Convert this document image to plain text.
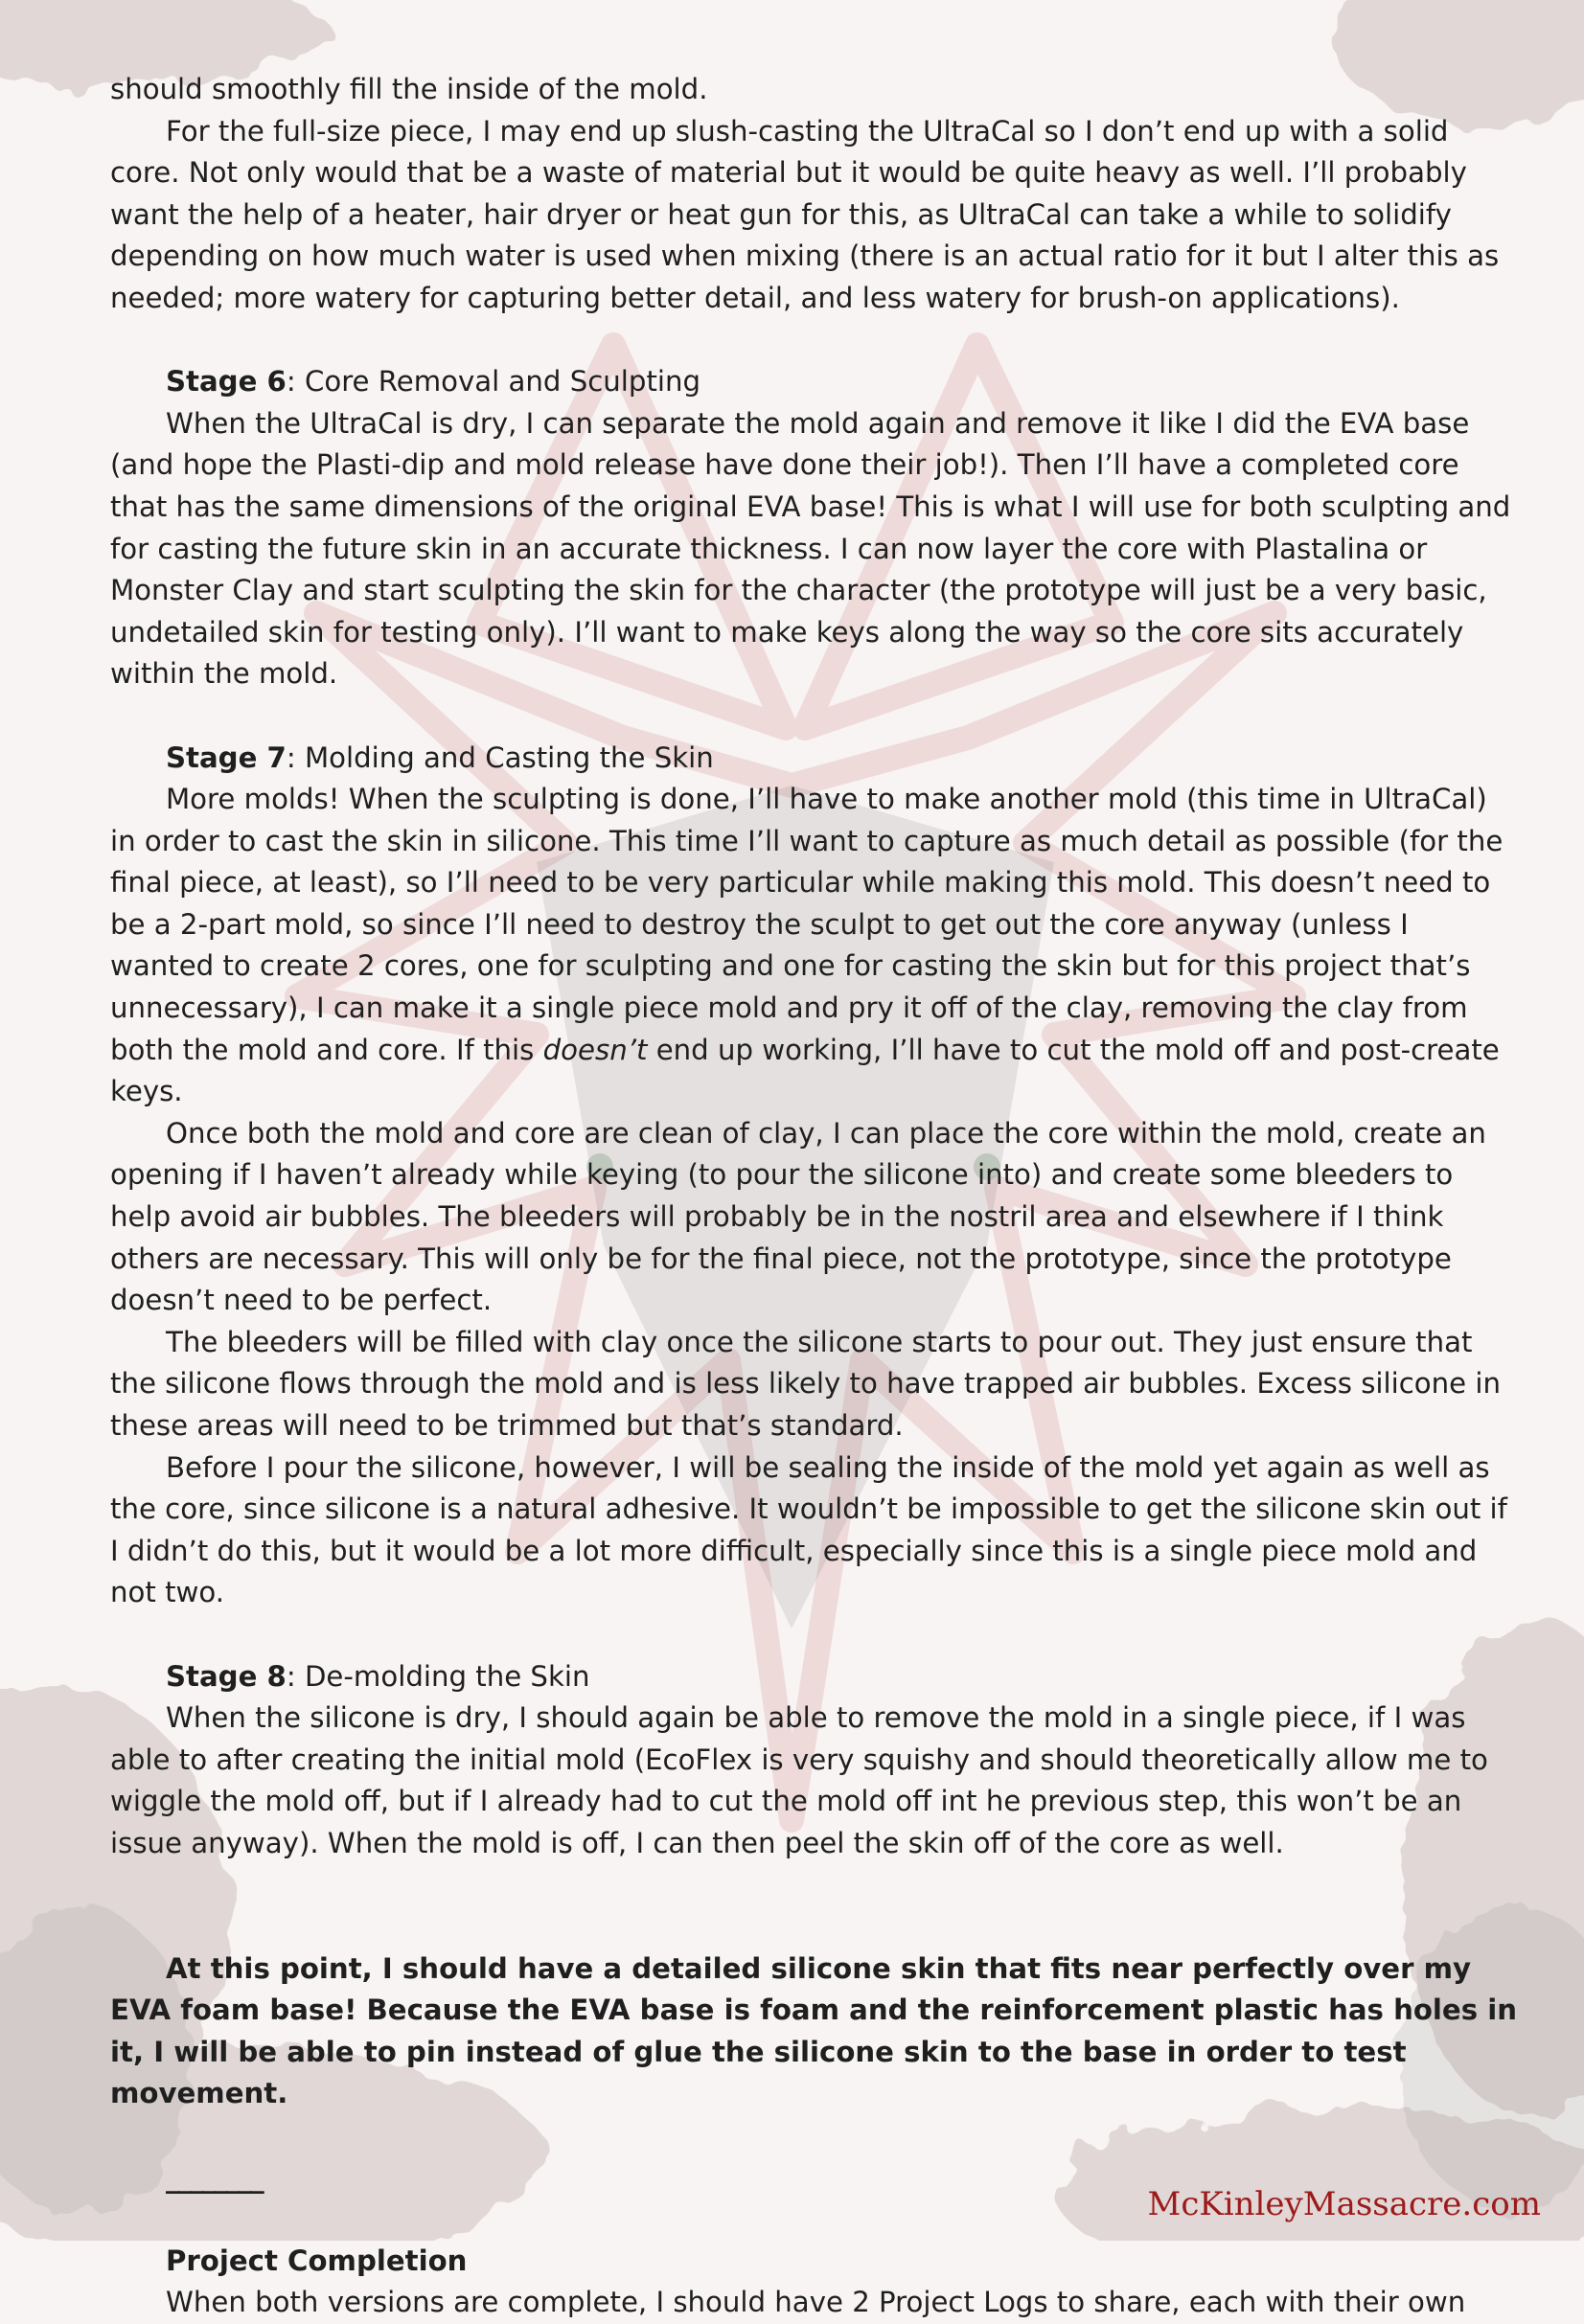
should smoothly fill the inside of the mold.

For the full-size piece, I may end up slush-casting the UltraCal so I don’t end up with a solid core. Not only would that be a waste of material but it would be quite heavy as well. I’ll probably want the help of a heater, hair dryer or heat gun for this, as UltraCal can take a while to solidify depending on how much water is used when mixing (there is an actual ratio for it but I alter this as needed; more watery for capturing better detail, and less watery for brush-on applications).

Stage 6: Core Removal and Sculpting

When the UltraCal is dry, I can separate the mold again and remove it like I did the EVA base (and hope the Plasti-dip and mold release have done their job!). Then I’ll have a completed core that has the same dimensions of the original EVA base! This is what I will use for both sculpting and for casting the future skin in an accurate thickness. I can now layer the core with Plastalina or Monster Clay and start sculpting the skin for the character (the prototype will just be a very basic, undetailed skin for testing only). I’ll want to make keys along the way so the core sits accurately within the mold.

Stage 7: Molding and Casting the Skin

More molds! When the sculpting is done, I’ll have to make another mold (this time in UltraCal) in order to cast the skin in silicone. This time I’ll want to capture as much detail as possible (for the final piece, at least), so I’ll need to be very particular while making this mold. This doesn’t need to be a 2-part mold, so since I’ll need to destroy the sculpt to get out the core anyway (unless I wanted to create 2 cores, one for sculpting and one for casting the skin but for this project that’s unnecessary), I can make it a single piece mold and pry it off of the clay, removing the clay from both the mold and core. If this doesn’t end up working, I’ll have to cut the mold off and post-create keys.

Once both the mold and core are clean of clay, I can place the core within the mold, create an opening if I haven’t already while keying (to pour the silicone into) and create some bleeders to help avoid air bubbles. The bleeders will probably be in the nostril area and elsewhere if I think others are necessary. This will only be for the final piece, not the prototype, since the prototype doesn’t need to be perfect.

The bleeders will be filled with clay once the silicone starts to pour out. They just ensure that the silicone flows through the mold and is less likely to have trapped air bubbles. Excess silicone in these areas will need to be trimmed but that’s standard.

Before I pour the silicone, however, I will be sealing the inside of the mold yet again as well as the core, since silicone is a natural adhesive. It wouldn’t be impossible to get the silicone skin out if I didn’t do this, but it would be a lot more difficult, especially since this is a single piece mold and not two.

Stage 8: De-molding the Skin

When the silicone is dry, I should again be able to remove the mold in a single piece, if I was able to after creating the initial mold (EcoFlex is very squishy and should theoretically allow me to wiggle the mold off, but if I already had to cut the mold off int he previous step, this won’t be an issue anyway). When the mold is off, I can then peel the skin off of the core as well.

At this point, I should have a detailed silicone skin that fits near perfectly over my EVA foam base! Because the EVA base is foam and the reinforcement plastic has holes in it, I will be able to pin instead of glue the silicone skin to the base in order to test movement.

________

Project Completion

When both versions are complete, I should have 2 Project Logs to share, each with their own

McKinleyMassacre.com
